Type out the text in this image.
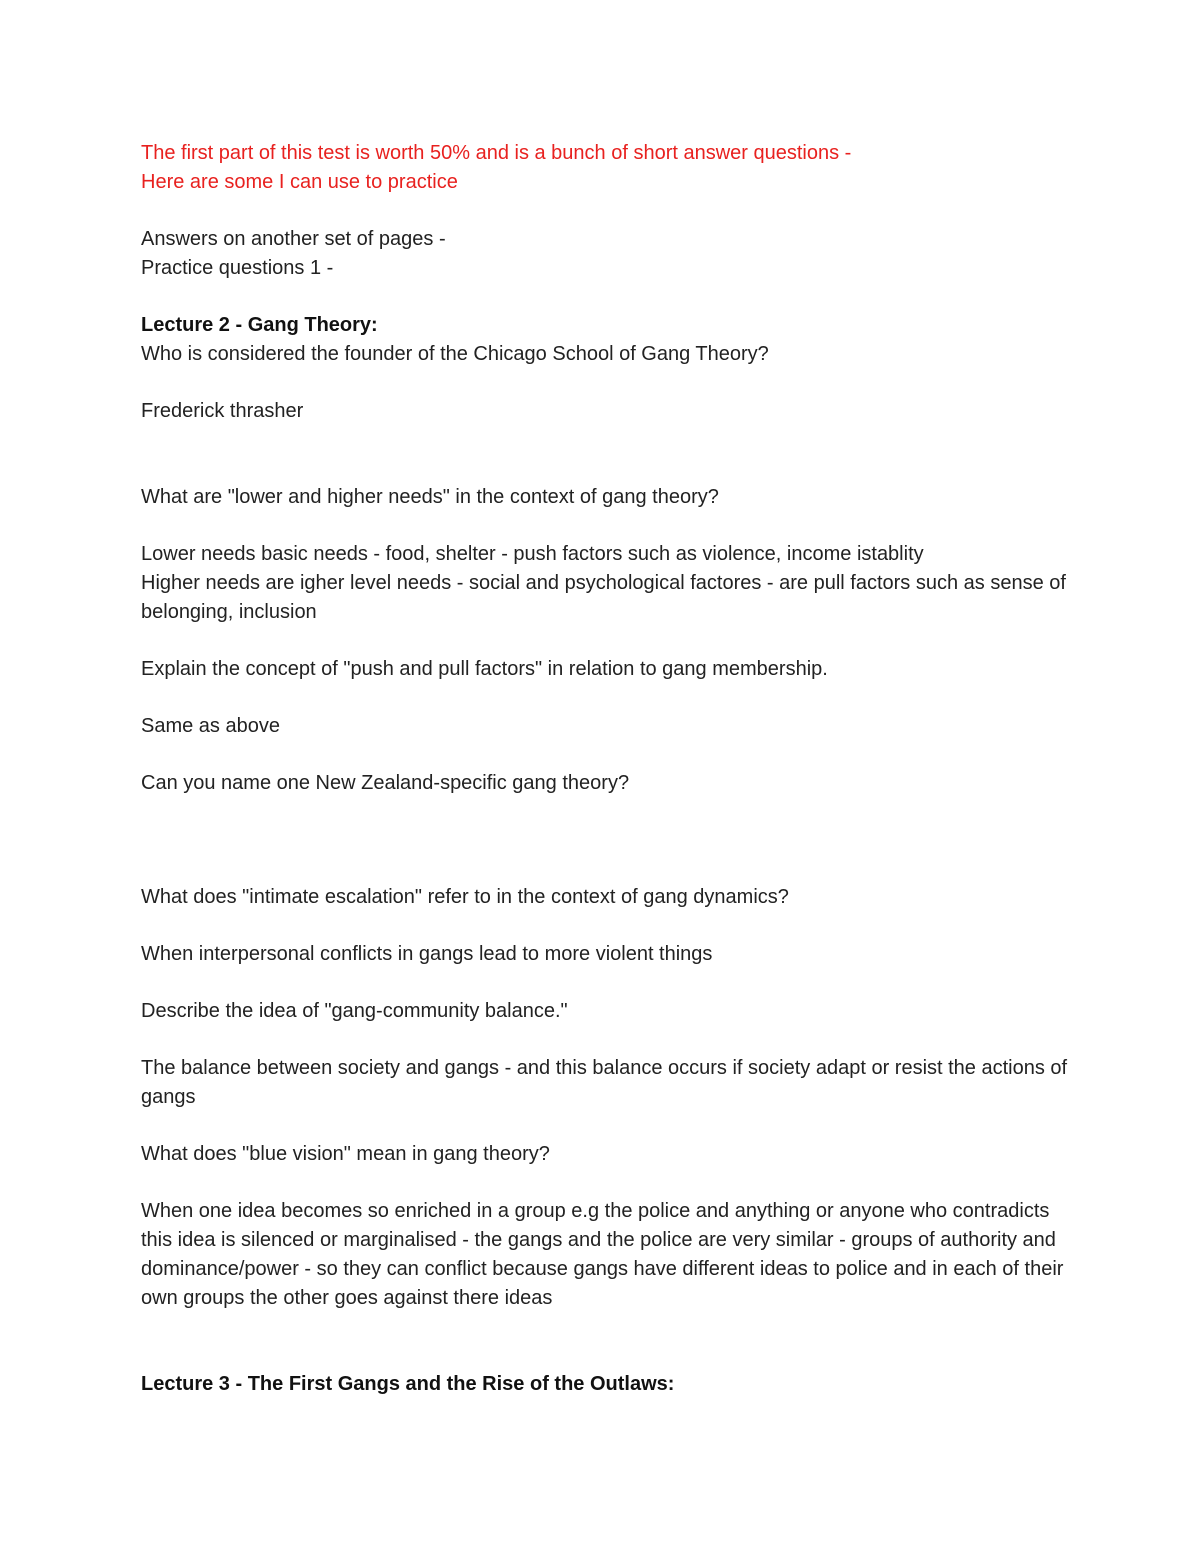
The first part of this test is worth 50% and is a bunch of short answer questions -

Here are some I can use to practice

Answers on another set of pages -

Practice questions 1 -

Lecture 2 - Gang Theory:

Who is considered the founder of the Chicago School of Gang Theory?

Frederick thrasher

What are "lower and higher needs" in the context of gang theory?

Lower needs basic needs - food, shelter - push factors such as violence, income istablity

Higher needs are igher level needs - social and psychological factores - are pull factors such as sense of belonging, inclusion

Explain the concept of "push and pull factors" in relation to gang membership.

Same as above

Can you name one New Zealand-specific gang theory?

What does "intimate escalation" refer to in the context of gang dynamics?

When interpersonal conflicts in gangs lead to more violent things

Describe the idea of "gang-community balance."

The balance between society and gangs - and this balance occurs if society adapt or resist the actions of gangs

What does "blue vision" mean in gang theory?

When one idea becomes so enriched in a group e.g the police and anything or anyone who contradicts this idea is silenced or marginalised - the gangs and the police are very similar - groups of authority and dominance/power - so they can conflict because gangs have different ideas to police and in each of their own groups the other goes against there ideas

Lecture 3 - The First Gangs and the Rise of the Outlaws:
